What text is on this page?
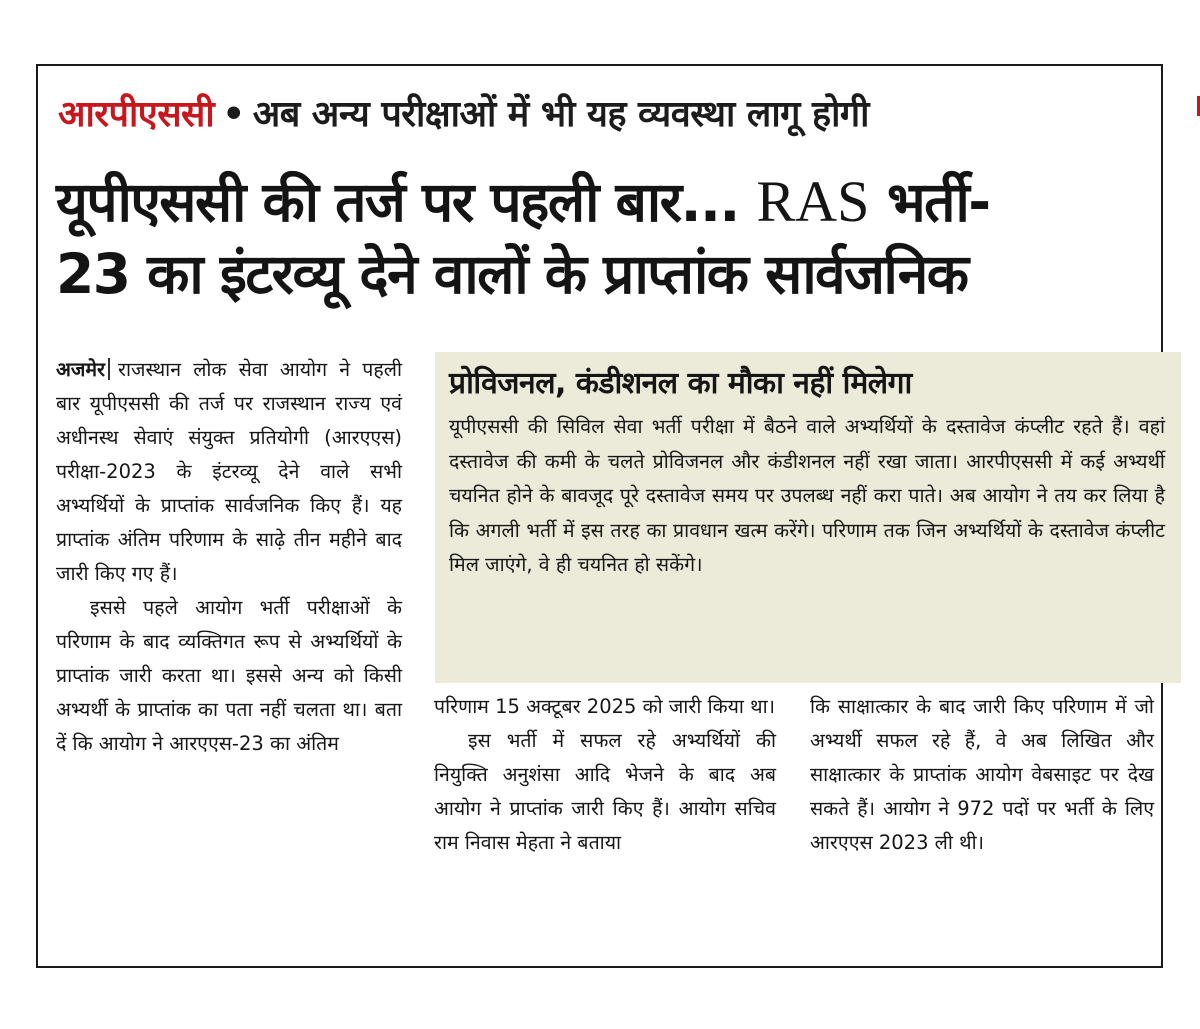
आरपीएससी • अब अन्य परीक्षाओं में भी यह व्यवस्था लागू होगी
यूपीएससी की तर्ज पर पहली बार... RAS भर्ती-
23 का इंटरव्यू देने वालों के प्राप्तांक सार्वजनिक

अजमेर राजस्थान लोक सेवा आयोग ने पहली बार यूपीएससी की तर्ज पर राजस्थान राज्य एवं अधीनस्थ सेवाएं संयुक्त प्रतियोगी (आरएएस) परीक्षा-2023 के इंटरव्यू देने वाले सभी अभ्यर्थियों के प्राप्तांक सार्वजनिक किए हैं। यह प्राप्तांक अंतिम परिणाम के साढ़े तीन महीने बाद जारी किए गए हैं।

इससे पहले आयोग भर्ती परीक्षाओं के परिणाम के बाद व्यक्तिगत रूप से अभ्यर्थियों के प्राप्तांक जारी करता था। इससे अन्य को किसी अभ्यर्थी के प्राप्तांक का पता नहीं चलता था। बता दें कि आयोग ने आरएएस-23 का अंतिम

प्रोविजनल, कंडीशनल का मौका नहीं मिलेगा

यूपीएससी की सिविल सेवा भर्ती परीक्षा में बैठने वाले अभ्यर्थियों के दस्तावेज कंप्लीट रहते हैं। वहां दस्तावेज की कमी के चलते प्रोविजनल और कंडीशनल नहीं रखा जाता। आरपीएससी में कई अभ्यर्थी चयनित होने के बावजूद पूरे दस्तावेज समय पर उपलब्ध नहीं करा पाते। अब आयोग ने तय कर लिया है कि अगली भर्ती में इस तरह का प्रावधान खत्म करेंगे। परिणाम तक जिन अभ्यर्थियों के दस्तावेज कंप्लीट मिल जाएंगे, वे ही चयनित हो सकेंगे।

परिणाम 15 अक्टूबर 2025 को जारी किया था।

इस भर्ती में सफल रहे अभ्यर्थियों की नियुक्ति अनुशंसा आदि भेजने के बाद अब आयोग ने प्राप्तांक जारी किए हैं। आयोग सचिव राम निवास मेहता ने बताया

कि साक्षात्कार के बाद जारी किए परिणाम में जो अभ्यर्थी सफल रहे हैं, वे अब लिखित और साक्षात्कार के प्राप्तांक आयोग वेबसाइट पर देख सकते हैं। आयोग ने 972 पदों पर भर्ती के लिए आरएएस 2023 ली थी।
